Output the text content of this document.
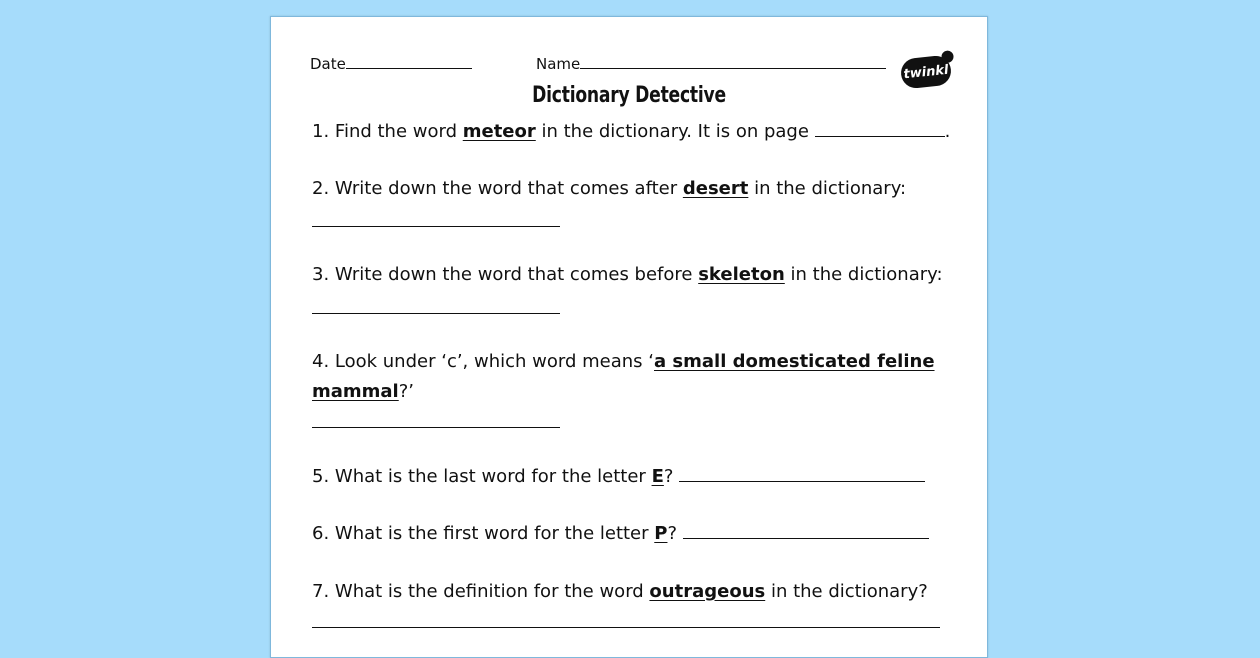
Date	Name	twinkl
Dictionary Detective
1. Find the word meteor in the dictionary. It is on page	.
2. Write down the word that comes after desert in the dictionary:
3. Write down the word that comes before skeleton in the dictionary:
4. Look under ‘c’, which word means ‘a small domesticated feline
mammal?’
5. What is the last word for the letter E?
6. What is the first word for the letter P?
7. What is the definition for the word outrageous in the dictionary?
